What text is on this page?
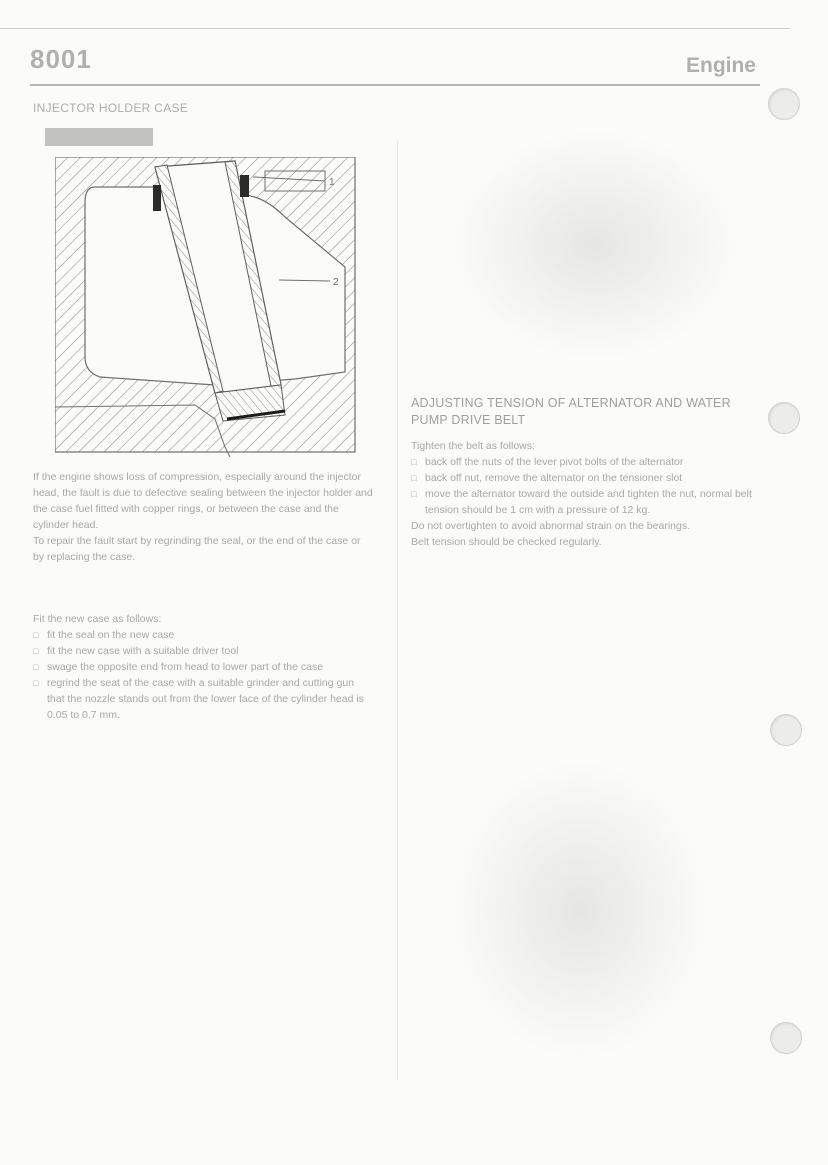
8001	Engine
INJECTOR HOLDER CASE
1
2

If the engine shows loss of compression, especially around the injector head, the fault is due to defective sealing between the injector holder and the case fuel fitted with copper rings, or between the case and the cylinder head.

To repair the fault start by regrinding the seal, or the end of the case or by replacing the case.

Fit the new case as follows:

□ fit the seal on the new case
□ fit the new case with a suitable driver tool
□ swage the opposite end from head to lower part of the case
□ regrind the seat of the case with a suitable grinder and cutting gun that the nozzle stands out from the lower face of the cylinder head is 0.05 to 0.7 mm.
ADJUSTING TENSION OF ALTERNATOR AND WATER PUMP DRIVE BELT

Tighten the belt as follows:

□ back off the nuts of the lever pivot bolts of the alternator
□ back off nut, remove the alternator on the tensioner slot
□ move the alternator toward the outside and tighten the nut, normal belt tension should be 1 cm with a pressure of 12 kg.

Do not overtighten to avoid abnormal strain on the bearings.

Belt tension should be checked regularly.
